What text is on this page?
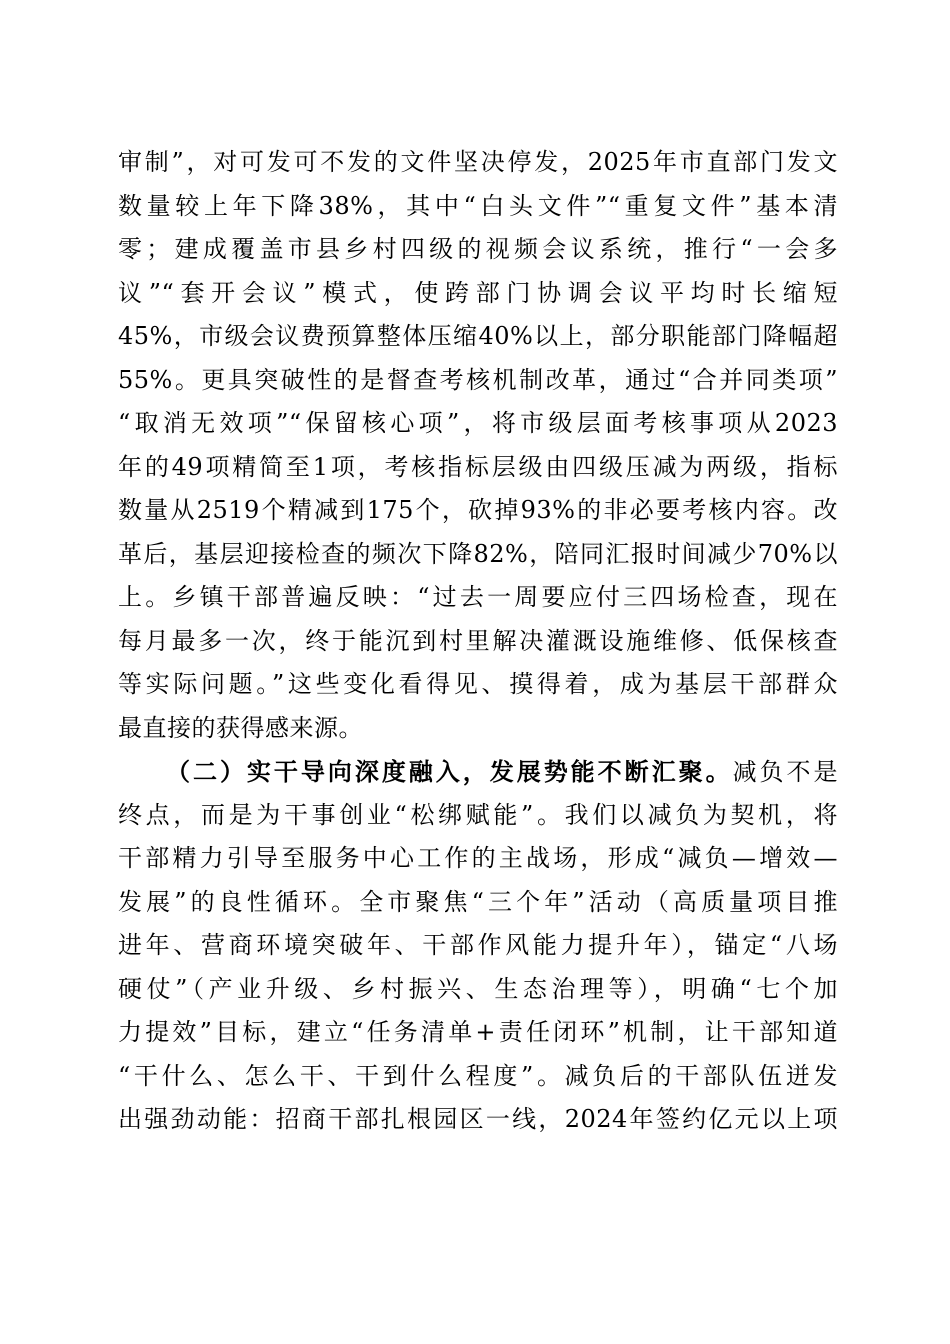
审制”，对可发可不发的文件坚决停发，2025年市直部门发文
数量较上年下降38%，其中“白头文件”“重复文件”基本清
零；建成覆盖市县乡村四级的视频会议系统，推行“一会多
议”“套开会议”模式，使跨部门协调会议平均时长缩短
45%，市级会议费预算整体压缩40%以上，部分职能部门降幅超
55%。更具突破性的是督查考核机制改革，通过“合并同类项”
“取消无效项”“保留核心项”，将市级层面考核事项从2023
年的49项精简至1项，考核指标层级由四级压减为两级，指标
数量从2519个精减到175个，砍掉93%的非必要考核内容。改
革后，基层迎接检查的频次下降82%，陪同汇报时间减少70%以
上。乡镇干部普遍反映：“过去一周要应付三四场检查，现在
每月最多一次，终于能沉到村里解决灌溉设施维修、低保核查
等实际问题。”这些变化看得见、摸得着，成为基层干部群众
最直接的获得感来源。
（二）实干导向深度融入，发展势能不断汇聚。减负不是
终点，而是为干事创业“松绑赋能”。我们以减负为契机，将
干部精力引导至服务中心工作的主战场，形成“减负—增效—
发展”的良性循环。全市聚焦“三个年”活动（高质量项目推
进年、营商环境突破年、干部作风能力提升年），锚定“八场
硬仗”（产业升级、乡村振兴、生态治理等），明确“七个加
力提效”目标，建立“任务清单+责任闭环”机制，让干部知道
“干什么、怎么干、干到什么程度”。减负后的干部队伍迸发
出强劲动能：招商干部扎根园区一线，2024年签约亿元以上项
